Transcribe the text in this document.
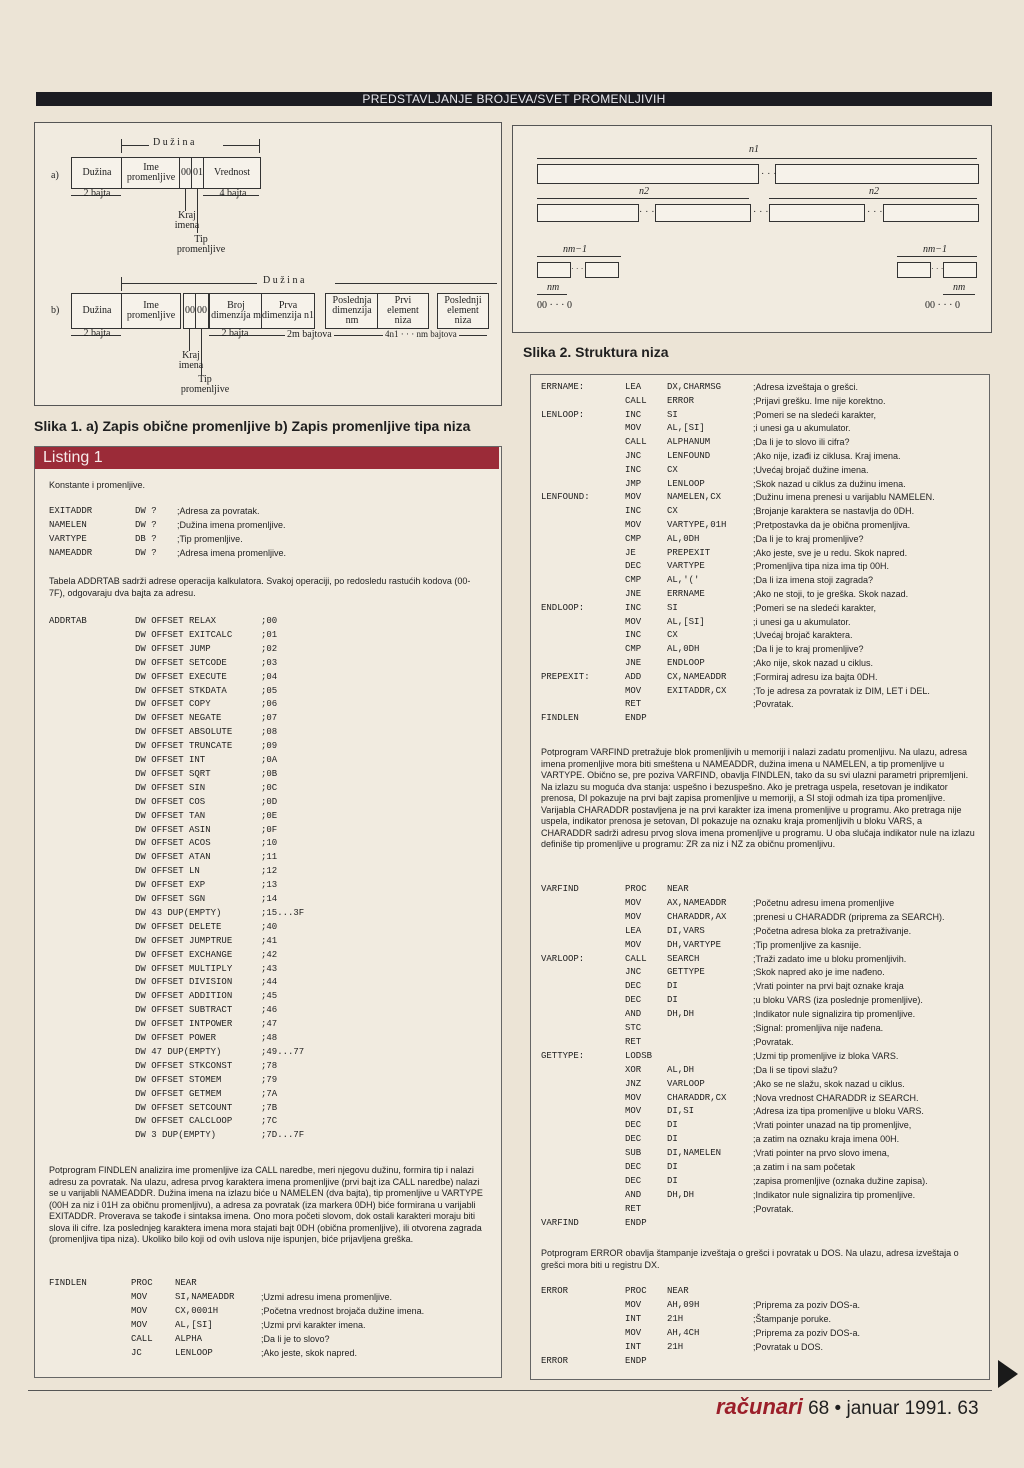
PREDSTAVLJANJE BROJEVA/SVET PROMENLJIVIH
a)
D u ž i n a
Dužina	Ime promenljive 00 01	Vrednost
2 bajta	4 bajta
Kraj imena
Tip promenljive
b)
D u ž i n a
Dužina	Ime promenljive 00 00	Broj dimenzija m
Prva dimenzija n1
Poslednja dimenzija nm
Prvi element niza
Poslednji element niza
2 bajta	2 bajta	2m bajtova	4n1 · · · nm bajtova
Kraj imena
Tip promenljive
Slika 1. a) Zapis obične promenljive b) Zapis promenljive tipa niza
Listing 1
Konstante i promenljive.
EXITADDR	DW ? ;Adresa za povratak.
NAMELEN	DW ? ;Dužina imena promenljive.
VARTYPE	DB ? ;Tip promenljive.
NAMEADDR	DW ? ;Adresa imena promenljive.
Tabela ADDRTAB sadrži adrese operacija kalkulatora. Svakoj operaciji, po redosledu rastućih kodova (00-7F), odgovaraju dva bajta za adresu.
ADDRTAB	DW OFFSET RELAX	;00
DW OFFSET EXITCALC	;01
DW OFFSET JUMP	;02
DW OFFSET SETCODE	;03
DW OFFSET EXECUTE	;04
DW OFFSET STKDATA	;05
DW OFFSET COPY	;06
DW OFFSET NEGATE	;07
DW OFFSET ABSOLUTE	;08
DW OFFSET TRUNCATE	;09
DW OFFSET INT	;0A
DW OFFSET SQRT	;0B
DW OFFSET SIN	;0C
DW OFFSET COS	;0D
DW OFFSET TAN	;0E
DW OFFSET ASIN	;0F
DW OFFSET ACOS	;10
DW OFFSET ATAN	;11
DW OFFSET LN	;12
DW OFFSET EXP	;13
DW OFFSET SGN	;14
DW 43 DUP(EMPTY)	;15...3F
DW OFFSET DELETE	;40
DW OFFSET JUMPTRUE	;41
DW OFFSET EXCHANGE	;42
DW OFFSET MULTIPLY	;43
DW OFFSET DIVISION	;44
DW OFFSET ADDITION	;45
DW OFFSET SUBTRACT	;46
DW OFFSET INTPOWER	;47
DW OFFSET POWER	;48
DW 47 DUP(EMPTY)	;49...77
DW OFFSET STKCONST	;78
DW OFFSET STOMEM	;79
DW OFFSET GETMEM	;7A
DW OFFSET SETCOUNT	;7B
DW OFFSET CALCLOOP	;7C
DW 3 DUP(EMPTY)	;7D...7F
Potprogram FINDLEN analizira ime promenljive iza CALL naredbe, meri njegovu dužinu, formira tip i nalazi adresu za povratak. Na ulazu, adresa prvog karaktera imena promenljive (prvi bajt iza CALL naredbe) nalazi se u varijabli NAMEADDR. Dužina imena na izlazu biće u NAMELEN (dva bajta), tip promenljive u VARTYPE (00H za niz i 01H za običnu promenljivu), a adresa za povratak (iza markera 0DH) biće formirana u varijabli EXITADDR. Proverava se takođe i sintaksa imena. Ono mora početi slovom, dok ostali karakteri moraju biti slova ili cifre. Iza poslednjeg karaktera imena mora stajati bajt 0DH (obična promenljive), ili otvorena zagrada (promenljiva tipa niza). Ukoliko bilo koji od ovih uslova nije ispunjen, biće prijavljena greška.
FINDLEN	PROC NEAR
MOV	SI,NAMEADDR	;Uzmi adresu imena promenljive.
MOV	CX,0001H	;Početna vrednost brojača dužine imena.
MOV	AL,[SI]	;Uzmi prvi karakter imena.
CALL ALPHA	;Da li je to slovo?
JC	LENLOOP	;Ako jeste, skok napred.
n1
· · ·
n2	n2
· · ·	· · ·	· · ·
nm−1	nm−1
· · ·	· · ·
nm	nm
00 · · · 0	00 · · · 0
Slika 2. Struktura niza
ERRNAME:	LEA	DX,CHARMSG	;Adresa izveštaja o grešci.
CALL ERROR	;Prijavi grešku. Ime nije korektno.
LENLOOP:	INC	SI	;Pomeri se na sledeći karakter,
MOV	AL,[SI]	;i unesi ga u akumulator.
CALL ALPHANUM	;Da li je to slovo ili cifra?
JNC	LENFOUND	;Ako nije, izađi iz ciklusa. Kraj imena.
INC	CX	;Uvećaj brojač dužine imena.
JMP	LENLOOP	;Skok nazad u ciklus za dužinu imena.
LENFOUND:	MOV	NAMELEN,CX	;Dužinu imena prenesi u varijablu NAMELEN.
INC	CX	;Brojanje karaktera se nastavlja do 0DH.
MOV	VARTYPE,01H	;Pretpostavka da je obična promenljiva.
CMP	AL,0DH	;Da li je to kraj promenljive?
JE	PREPEXIT	;Ako jeste, sve je u redu. Skok napred.
DEC	VARTYPE	;Promenljiva tipa niza ima tip 00H.
CMP	AL,'('	;Da li iza imena stoji zagrada?
JNE	ERRNAME	;Ako ne stoji, to je greška. Skok nazad.
ENDLOOP:	INC	SI	;Pomeri se na sledeći karakter,
MOV	AL,[SI]	;i unesi ga u akumulator.
INC	CX	;Uvećaj brojač karaktera.
CMP	AL,0DH	;Da li je to kraj promenljive?
JNE	ENDLOOP	;Ako nije, skok nazad u ciklus.
PREPEXIT:	ADD	CX,NAMEADDR	;Formiraj adresu iza bajta 0DH.
MOV	EXITADDR,CX	;To je adresa za povratak iz DIM, LET i DEL.
RET	;Povratak.
FINDLEN	ENDP
Potprogram VARFIND pretražuje blok promenljivih u memoriji i nalazi zadatu promenljivu. Na ulazu, adresa imena promenljive mora biti smeštena u NAMEADDR, dužina imena u NAMELEN, a tip promenljive u VARTYPE. Obično se, pre poziva VARFIND, obavlja FINDLEN, tako da su svi ulazni parametri pripremljeni. Na izlazu su moguća dva stanja: uspešno i bezuspešno. Ako je pretraga uspela, resetovan je indikator prenosa, DI pokazuje na prvi bajt zapisa promenljive u memoriji, a SI stoji odmah iza tipa promenljive. Varijabla CHARADDR postavljena je na prvi karakter iza imena promenljive u programu. Ako pretraga nije uspela, indikator prenosa je setovan, DI pokazuje na oznaku kraja promenljivih u bloku VARS, a CHARADDR sadrži adresu prvog slova imena promenljive u programu. U oba slučaja indikator nule na izlazu definiše tip promenljive u programu: ZR za niz i NZ za običnu promenljivu.
VARFIND	PROC NEAR
MOV	AX,NAMEADDR	;Početnu adresu imena promenljive
MOV	CHARADDR,AX	;prenesi u CHARADDR (priprema za SEARCH).
LEA	DI,VARS	;Početna adresa bloka za pretraživanje.
MOV	DH,VARTYPE	;Tip promenljive za kasnije.
VARLOOP:	CALL SEARCH	;Traži zadato ime u bloku promenljivih.
JNC	GETTYPE	;Skok napred ako je ime nađeno.
DEC	DI	;Vrati pointer na prvi bajt oznake kraja
DEC	DI	;u bloku VARS (iza poslednje promenljive).
AND	DH,DH	;Indikator nule signalizira tip promenljive.
STC	;Signal: promenljiva nije nađena.
RET	;Povratak.
GETTYPE:	LODSB	;Uzmi tip promenljive iz bloka VARS.
XOR	AL,DH	;Da li se tipovi slažu?
JNZ	VARLOOP	;Ako se ne slažu, skok nazad u ciklus.
MOV	CHARADDR,CX	;Nova vrednost CHARADDR iz SEARCH.
MOV	DI,SI	;Adresa iza tipa promenljive u bloku VARS.
DEC	DI	;Vrati pointer unazad na tip promenljive,
DEC	DI	;a zatim na oznaku kraja imena 00H.
SUB	DI,NAMELEN	;Vrati pointer na prvo slovo imena,
DEC	DI	;a zatim i na sam početak
DEC	DI	;zapisa promenljive (oznaka dužine zapisa).
AND	DH,DH	;Indikator nule signalizira tip promenljive.
RET	;Povratak.
VARFIND	ENDP
Potprogram ERROR obavlja štampanje izveštaja o grešci i povratak u DOS. Na ulazu, adresa izveštaja o grešci mora biti u registru DX.
ERROR	PROC NEAR
MOV	AH,09H	;Priprema za poziv DOS-a.
INT	21H	;Štampanje poruke.
MOV	AH,4CH	;Priprema za poziv DOS-a.
INT	21H	;Povratak u DOS.
ERROR	ENDP
računari 68 • januar 1991. 63
